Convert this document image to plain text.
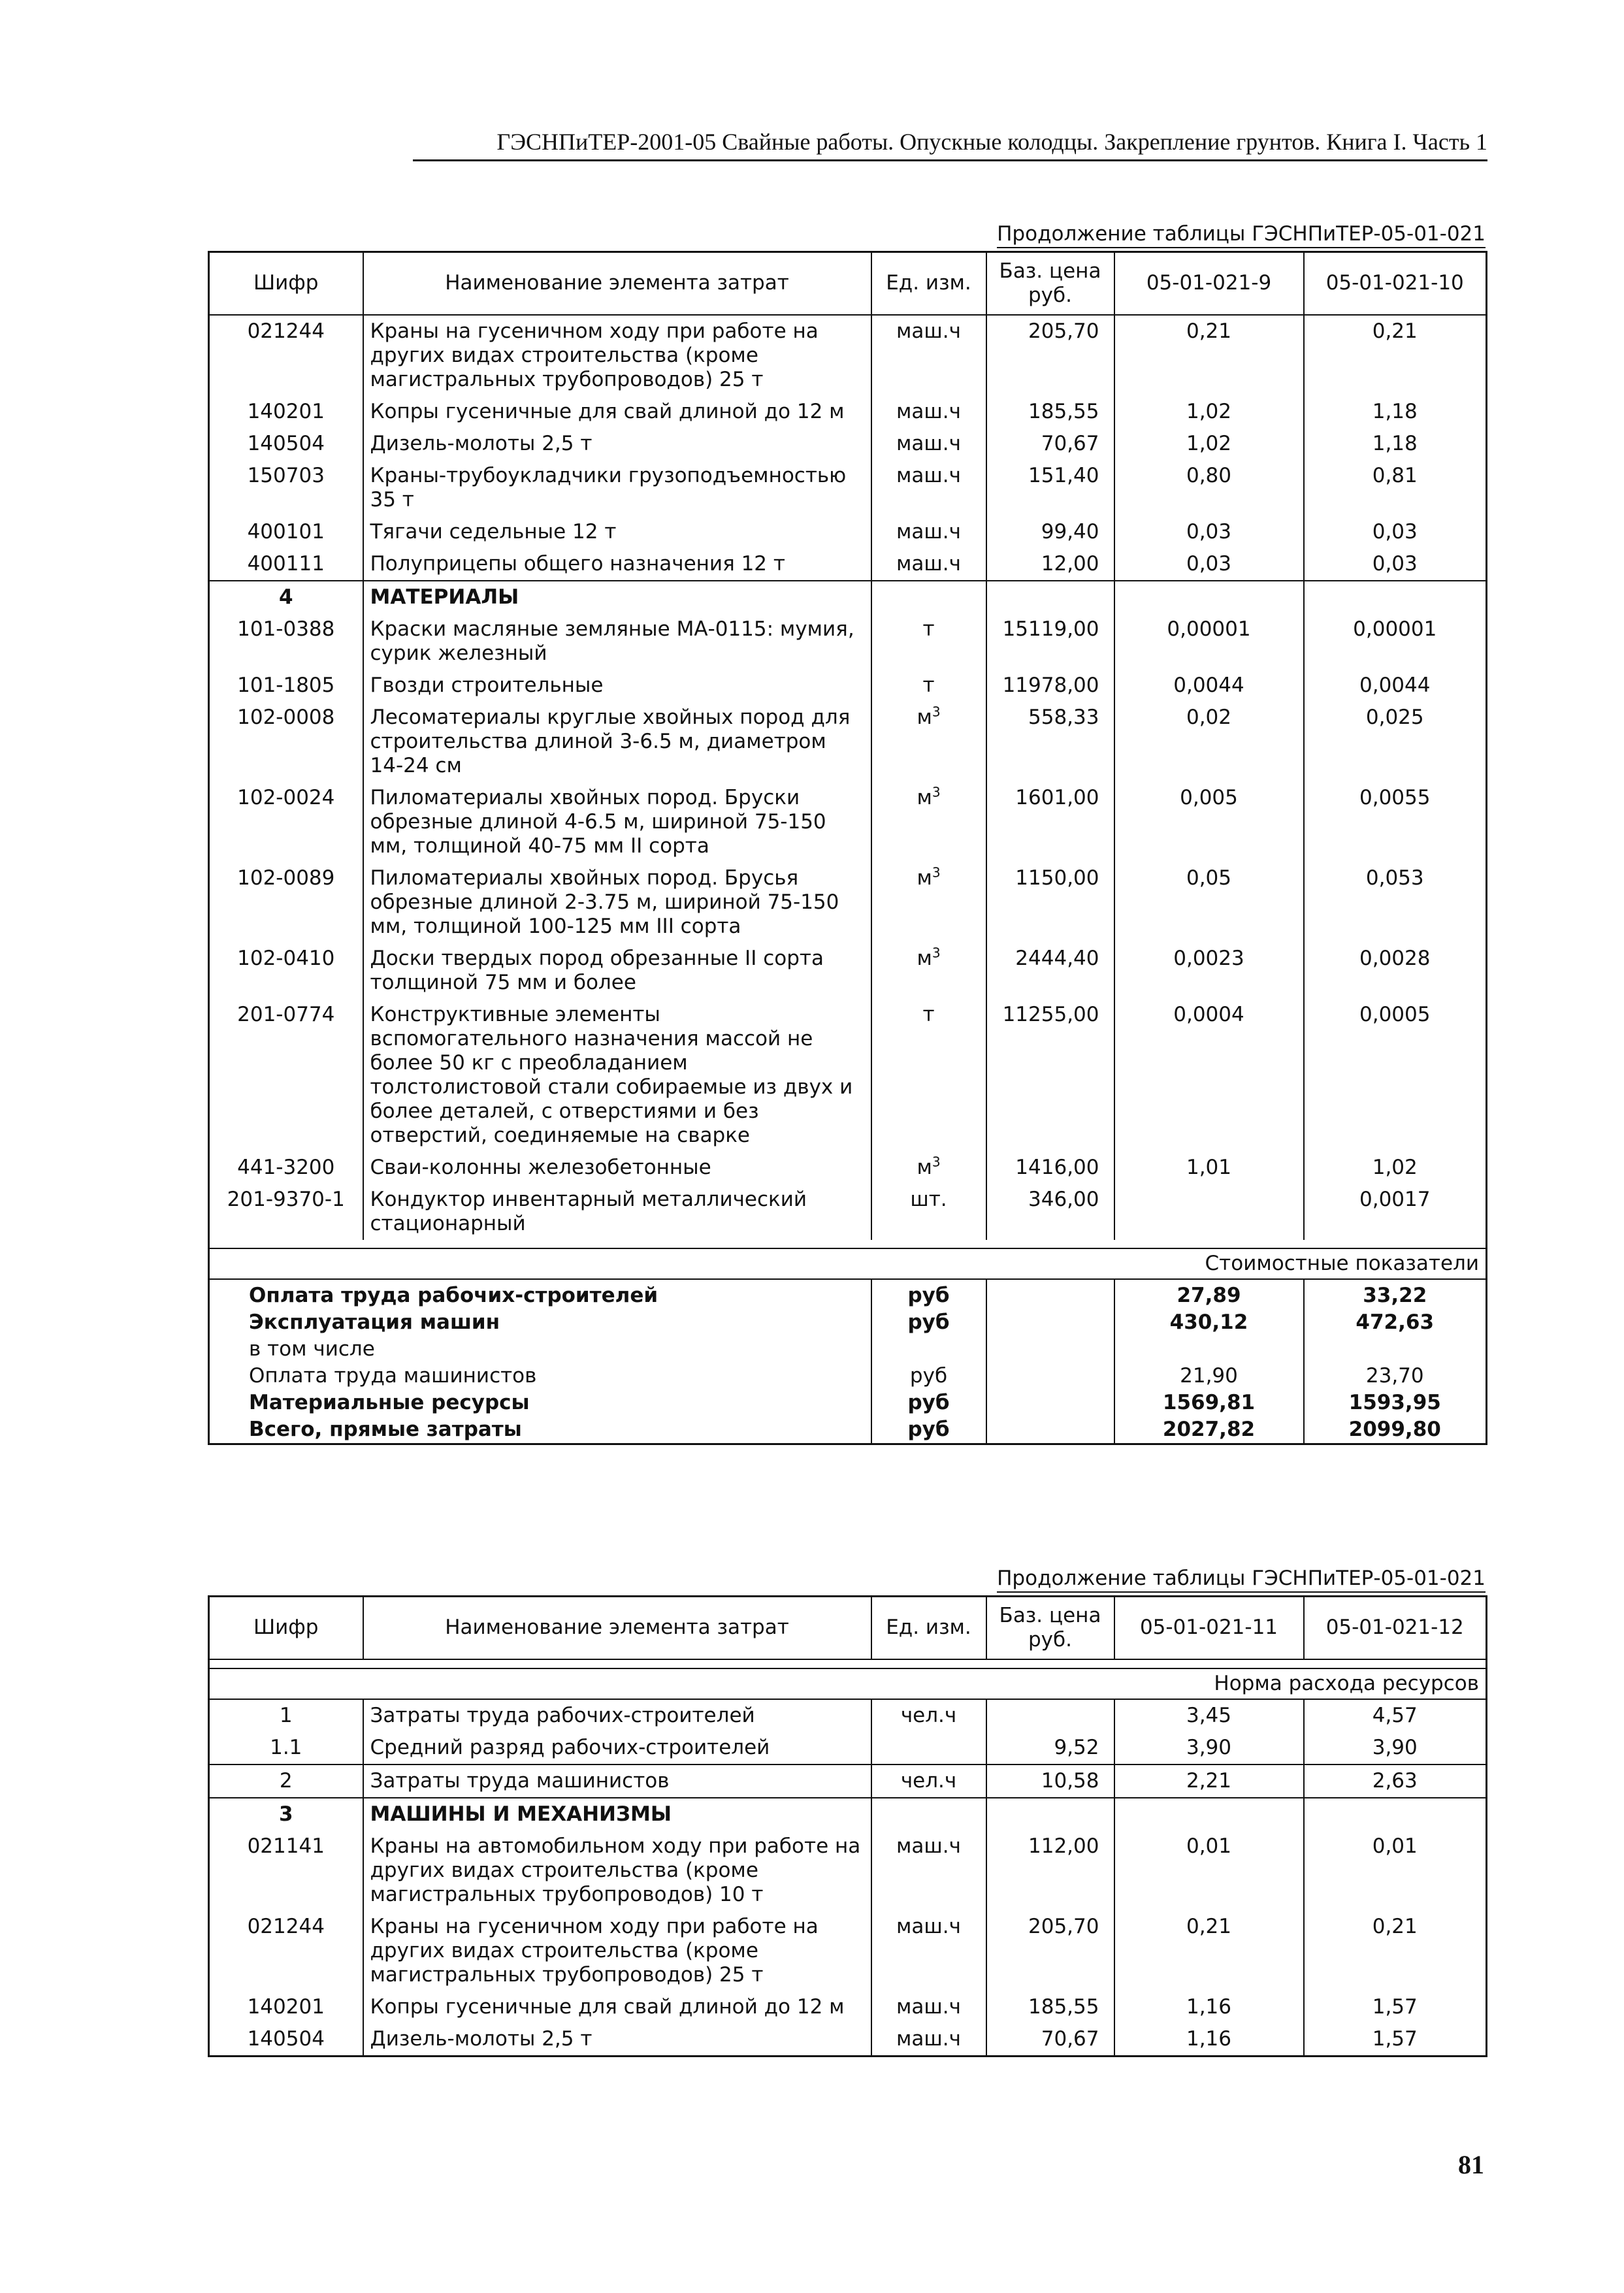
ГЭСНПиТЕР-2001-05 Свайные работы. Опускные колодцы. Закрепление грунтов. Книга I. Часть 1
Продолжение таблицы ГЭСНПиТЕР-05-01-021
Шифр	Наименование элемента затрат	Ед. изм.	Баз. цена руб.	05-01-021-9	05-01-021-10
021244	Краны на гусеничном ходу при работе на других видах строительства (кроме магистральных трубопроводов) 25 т	маш.ч	205,70	0,21	0,21
140201	Копры гусеничные для свай длиной до 12 м	маш.ч	185,55	1,02	1,18
140504	Дизель-молоты 2,5 т	маш.ч	70,67	1,02	1,18
150703	Краны-трубоукладчики грузоподъемностью 35 т	маш.ч	151,40	0,80	0,81
400101	Тягачи седельные 12 т	маш.ч	99,40	0,03	0,03
400111	Полуприцепы общего назначения 12 т	маш.ч	12,00	0,03	0,03
4	МАТЕРИАЛЫ				
101-0388	Краски масляные земляные МА-0115: мумия, сурик железный	т	15119,00	0,00001	0,00001
101-1805	Гвозди строительные	т	11978,00	0,0044	0,0044
102-0008	Лесоматериалы круглые хвойных пород для строительства длиной 3-6.5 м, диаметром 14-24 см	$м^3$	558,33	0,02	0,025
102-0024	Пиломатериалы хвойных пород. Бруски обрезные длиной 4-6.5 м, шириной 75-150 мм, толщиной 40-75 мм II сорта	$м^3$	1601,00	0,005	0,0055
102-0089	Пиломатериалы хвойных пород. Брусья обрезные длиной 2-3.75 м, шириной 75-150 мм, толщиной 100-125 мм III сорта	$м^3$	1150,00	0,05	0,053
102-0410	Доски твердых пород обрезанные II сорта толщиной 75 мм и более	$м^3$	2444,40	0,0023	0,0028
201-0774	Конструктивные элементы вспомогательного назначения массой не более 50 кг с преобладанием толстолистовой стали собираемые из двух и более деталей, с отверстиями и без отверстий, соединяемые на сварке	т	11255,00	0,0004	0,0005
441-3200	Сваи-колонны железобетонные	$м^3$	1416,00	1,01	1,02
201-9370-1	Кондуктор инвентарный металлический стационарный	шт.	346,00		0,0017

Стоимостные показатели					
Оплата труда рабочих-строителей		руб		27,89	33,22
Эксплуатация машин		руб		430,12	472,63
в том числе					
Оплата труда машинистов		руб		21,90	23,70
Материальные ресурсы		руб		1569,81	1593,95
Всего, прямые затраты		руб		2027,82	2099,80
Продолжение таблицы ГЭСНПиТЕР-05-01-021
Шифр	Наименование элемента затрат	Ед. изм.	Баз. цена руб.	05-01-021-11	05-01-021-12

Норма расхода ресурсов					
1	Затраты труда рабочих-строителей	чел.ч		3,45	4,57
1.1	Средний разряд рабочих-строителей		9,52	3,90	3,90
2	Затраты труда машинистов	чел.ч	10,58	2,21	2,63
3	МАШИНЫ И МЕХАНИЗМЫ				
021141	Краны на автомобильном ходу при работе на других видах строительства (кроме магистральных трубопроводов) 10 т	маш.ч	112,00	0,01	0,01
021244	Краны на гусеничном ходу при работе на других видах строительства (кроме магистральных трубопроводов) 25 т	маш.ч	205,70	0,21	0,21
140201	Копры гусеничные для свай длиной до 12 м	маш.ч	185,55	1,16	1,57
140504	Дизель-молоты 2,5 т	маш.ч	70,67	1,16	1,57
81
